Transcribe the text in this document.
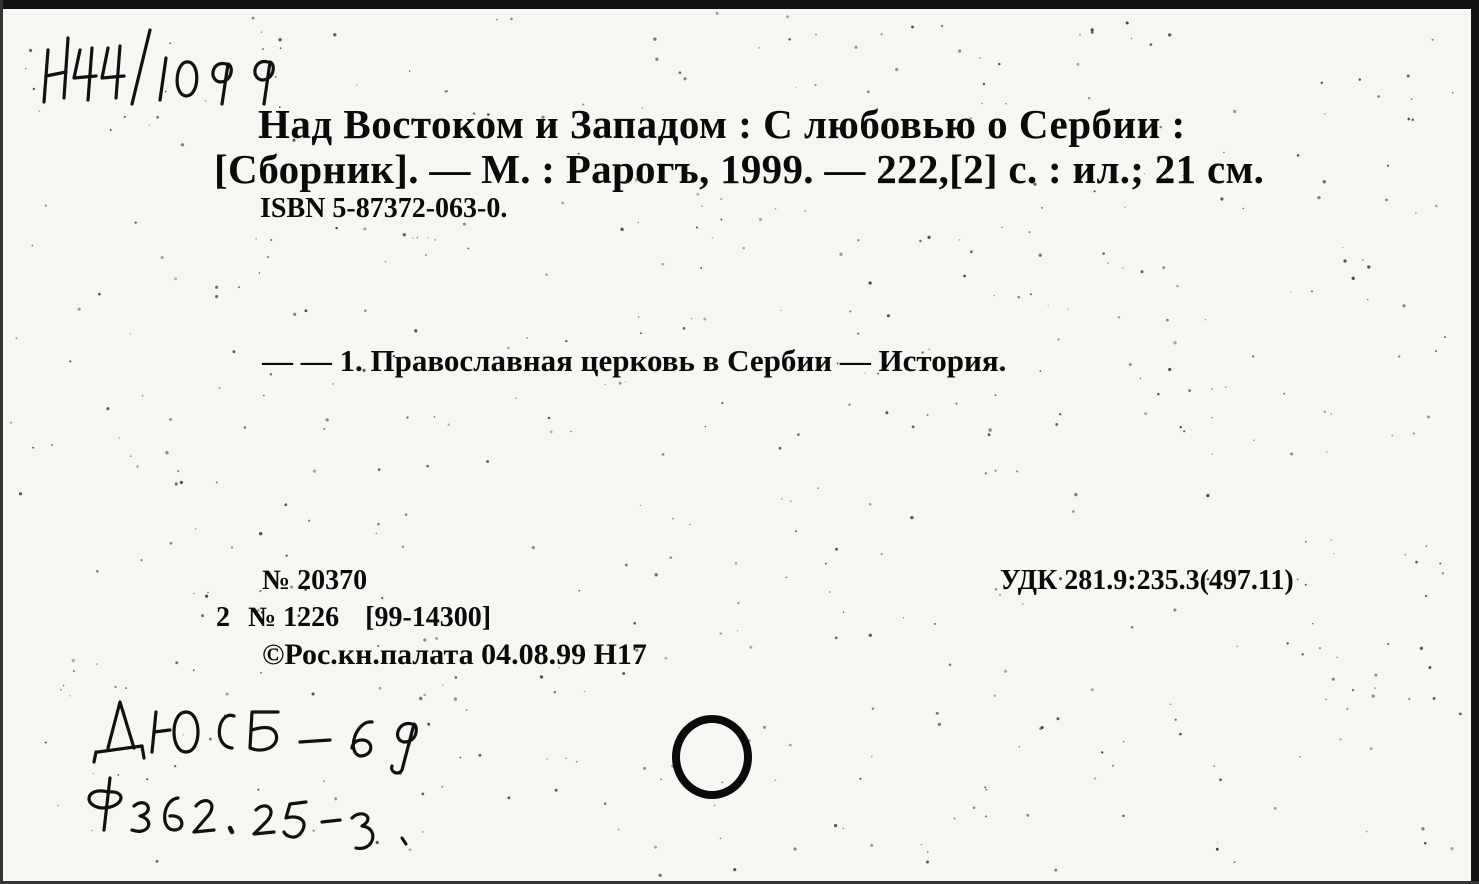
Над Востоком и Западом : С любовью о Сербии :
[Сборник]. — М. : Рарогъ, 1999. — 222,[2] с. : ил.; 21 см.
ISBN 5-87372-063-0.
— — 1. Православная церковь в Сербии — История.
№ 20370
2 № 1226 [99-14300]
©Рос.кн.палата 04.08.99 Н17
УДК 281.9:235.3(497.11)
